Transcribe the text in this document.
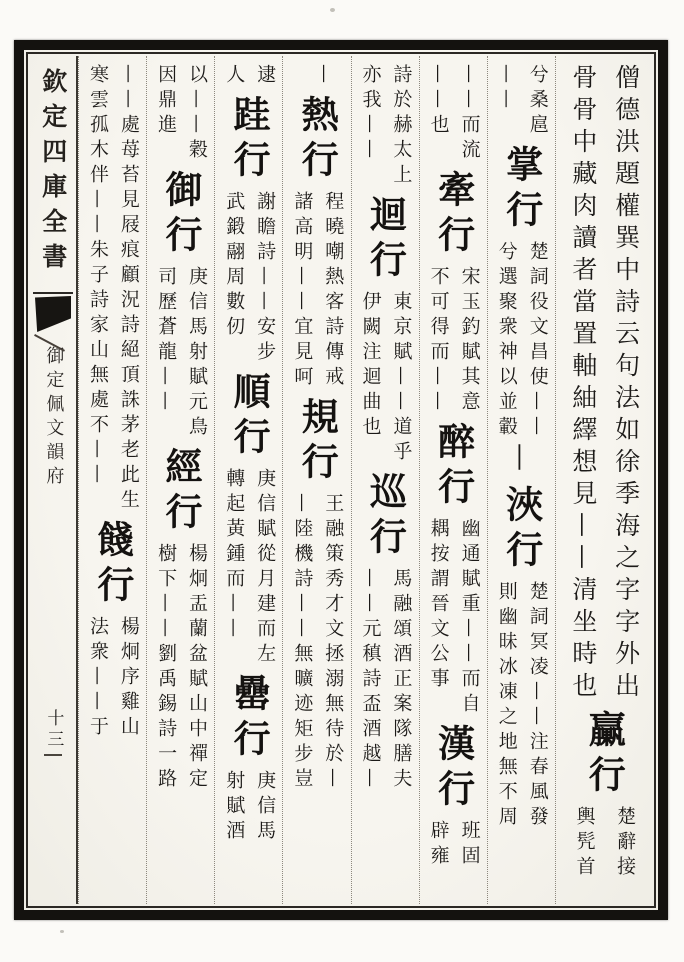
欽定四庫全書
御定佩文韻府
十三
僧德洪題權巽中詩云句法如徐季海之字字外出
骨骨中藏肉讀者當置軸紬繹想見——清坐時也
臝行
楚辭接
輿髠首
兮桑扈
——
掌行
楚詞役文昌使——
兮選聚衆神以並轂
—
浹行
楚詞冥凌——注春風發
則幽昧冰凍之地無不周
——而流
——也
牽行
宋玉釣賦其意
不可得而——
醉行
幽通賦重——而自
耦按謂晉文公事
漢行
班固
辟雍
詩於赫太上
亦我——
迴行
東京賦——道乎
伊闕注迴曲也
巡行
馬融頌酒正案隊膳夫
——元稹詩盃酒越—
—
熱行
程曉嘲熱客詩傳戒
諸高明——宜見呵
規行
王融策秀才文拯溺無待於—
—陸機詩——無曠迹矩步豈
逮
人
跬行
謝瞻詩——安步
武鍛翮周數仞
順行
庚信賦從月建而左
轉起黃鍾而——
罍行
庚信馬
射賦酒
以——穀
因鼎進
御行
庚信馬射賦元鳥
司歷蒼龍——
經行
楊炯盂蘭盆賦山中禪定
樹下——劉禹錫詩一路
——處苺苔見屐痕顧況詩絕頂誅茅老此生
寒雲孤木伴——朱子詩家山無處不——
餞行
楊炯序雞山
法衆——于
